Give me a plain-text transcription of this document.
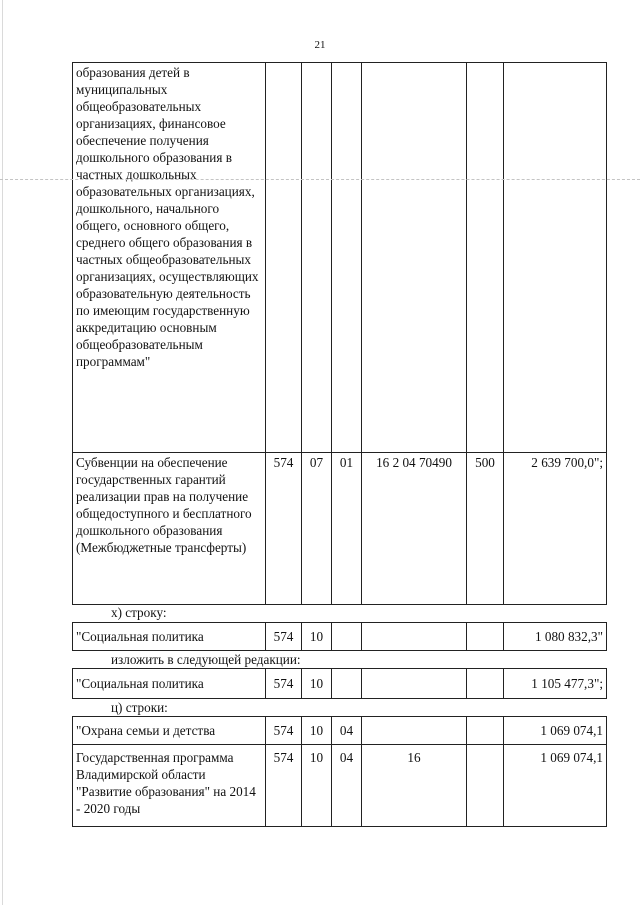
21
образования детей в муниципальных общеобразовательных организациях, финансовое обеспечение получения дошкольного образования в частных дошкольных образовательных организациях, дошкольного, начального общего, основного общего, среднего общего образования в частных общеобразовательных организациях, осуществляющих образовательную деятельность по имеющим государственную аккредитацию основным общеобразовательным программам"						
Субвенции на обеспечение государственных гарантий реализации прав на получение общедоступного и бесплатного дошкольного образования (Межбюджетные трансферты)	574	07	01	16 2 04 70490	500	2 639 700,0";
х) строку:
"Социальная политика	574	10				1 080 832,3"
изложить в следующей редакции:
"Социальная политика	574	10				1 105 477,3";
ц) строки:
"Охрана семьи и детства	574	10	04			1 069 074,1
Государственная программа Владимирской области "Развитие образования" на 2014 - 2020 годы	574	10	04	16		1 069 074,1
